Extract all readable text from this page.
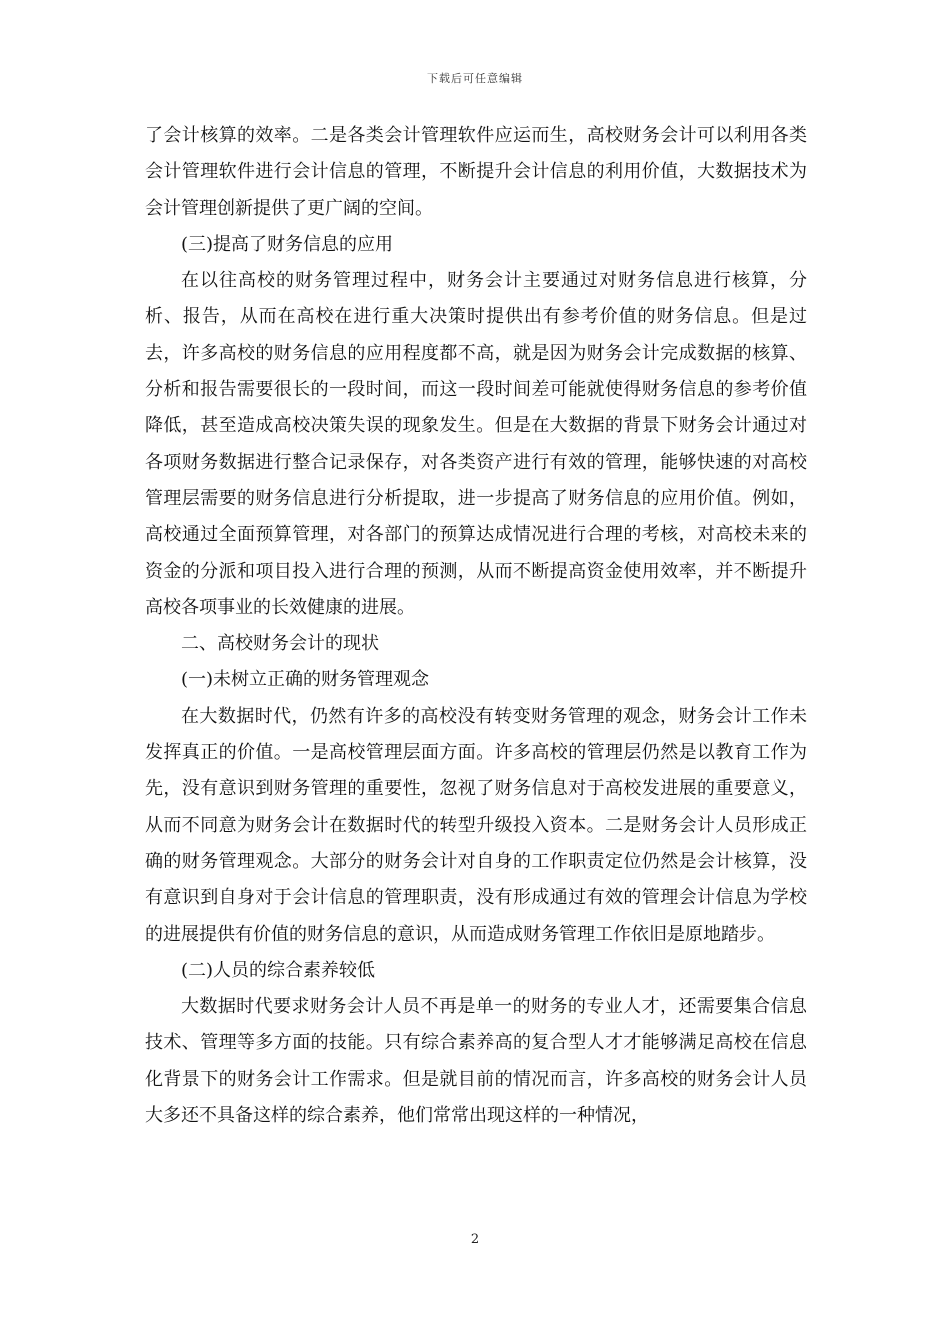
下载后可任意编辑

了会计核算的效率。二是各类会计管理软件应运而生，高校财务会计可以利用各类会计管理软件进行会计信息的管理，不断提升会计信息的利用价值，大数据技术为会计管理创新提供了更广阔的空间。

(三)提高了财务信息的应用

在以往高校的财务管理过程中，财务会计主要通过对财务信息进行核算，分析、报告，从而在高校在进行重大决策时提供出有参考价值的财务信息。但是过去，许多高校的财务信息的应用程度都不高，就是因为财务会计完成数据的核算、分析和报告需要很长的一段时间，而这一段时间差可能就使得财务信息的参考价值降低，甚至造成高校决策失误的现象发生。但是在大数据的背景下财务会计通过对各项财务数据进行整合记录保存，对各类资产进行有效的管理，能够快速的对高校管理层需要的财务信息进行分析提取，进一步提高了财务信息的应用价值。例如，高校通过全面预算管理，对各部门的预算达成情况进行合理的考核，对高校未来的资金的分派和项目投入进行合理的预测，从而不断提高资金使用效率，并不断提升高校各项事业的长效健康的进展。

二、高校财务会计的现状

(一)未树立正确的财务管理观念

在大数据时代，仍然有许多的高校没有转变财务管理的观念，财务会计工作未发挥真正的价值。一是高校管理层面方面。许多高校的管理层仍然是以教育工作为先，没有意识到财务管理的重要性，忽视了财务信息对于高校发进展的重要意义，从而不同意为财务会计在数据时代的转型升级投入资本。二是财务会计人员形成正确的财务管理观念。大部分的财务会计对自身的工作职责定位仍然是会计核算，没有意识到自身对于会计信息的管理职责，没有形成通过有效的管理会计信息为学校的进展提供有价值的财务信息的意识，从而造成财务管理工作依旧是原地踏步。

(二)人员的综合素养较低

大数据时代要求财务会计人员不再是单一的财务的专业人才，还需要集合信息技术、管理等多方面的技能。只有综合素养高的复合型人才才能够满足高校在信息化背景下的财务会计工作需求。但是就目前的情况而言，许多高校的财务会计人员大多还不具备这样的综合素养，他们常常出现这样的一种情况，

2
